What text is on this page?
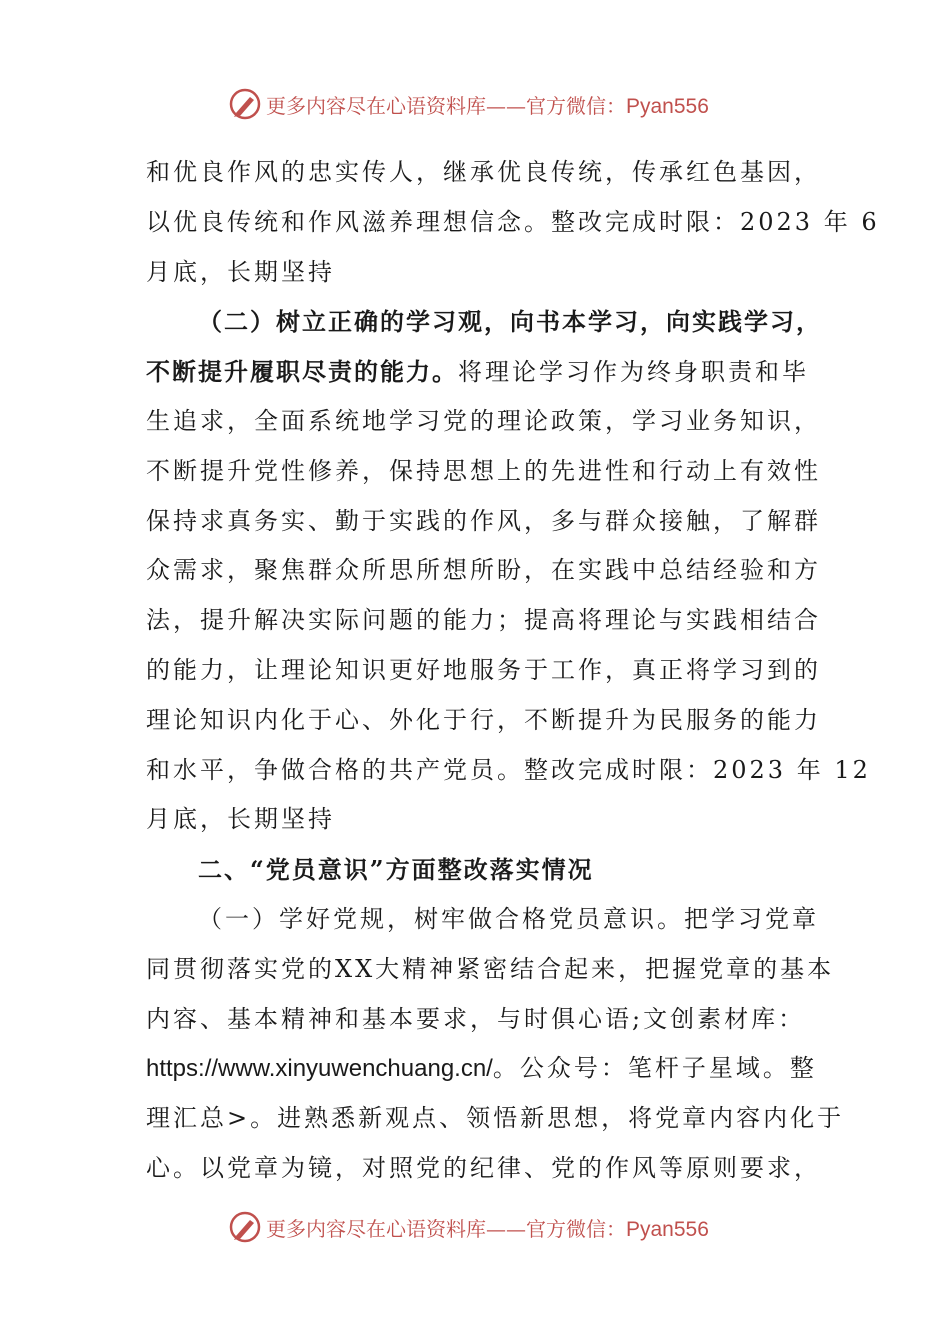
更多内容尽在心语资料库——官方微信：Pyan556
和优良作风的忠实传人，继承优良传统，传承红色基因，
以优良传统和作风滋养理想信念。整改完成时限：2023 年 6
月底，长期坚持
（二）树立正确的学习观，向书本学习，向实践学习，
不断提升履职尽责的能力。将理论学习作为终身职责和毕
生追求，全面系统地学习党的理论政策，学习业务知识，
不断提升党性修养，保持思想上的先进性和行动上有效性
保持求真务实、勤于实践的作风，多与群众接触，了解群
众需求，聚焦群众所思所想所盼，在实践中总结经验和方
法，提升解决实际问题的能力；提高将理论与实践相结合
的能力，让理论知识更好地服务于工作，真正将学习到的
理论知识内化于心、外化于行，不断提升为民服务的能力
和水平，争做合格的共产党员。整改完成时限：2023 年 12
月底，长期坚持
二、“党员意识”方面整改落实情况
（一）学好党规，树牢做合格党员意识。把学习党章
同贯彻落实党的XX大精神紧密结合起来，把握党章的基本
内容、基本精神和基本要求，与时俱心语;文创素材库：
https://www.xinyuwenchuang.cn/。公众号：笔杆子星域。整
理汇总>。进熟悉新观点、领悟新思想，将党章内容内化于
心。以党章为镜，对照党的纪律、党的作风等原则要求，
更多内容尽在心语资料库——官方微信：Pyan556
